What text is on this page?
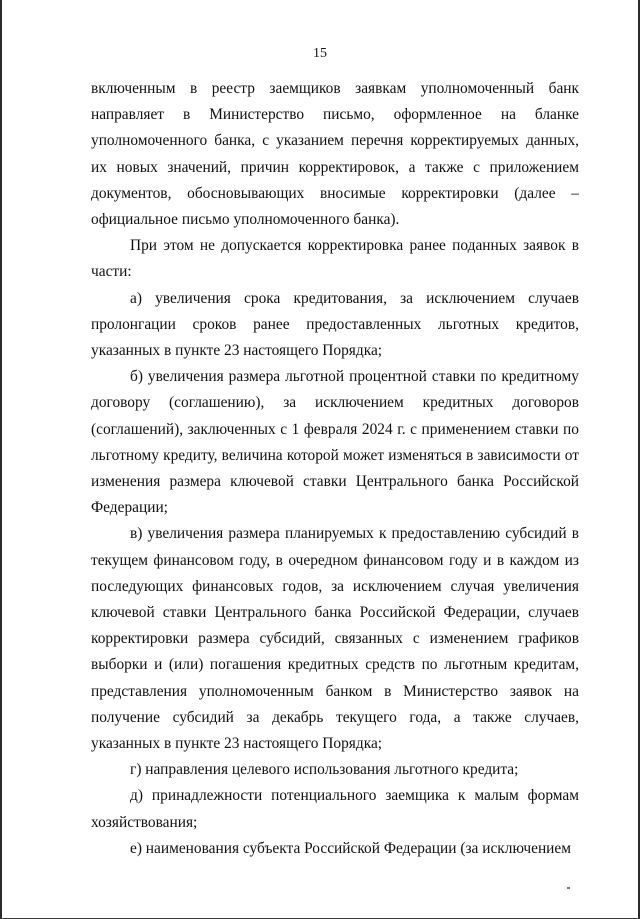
15

включенным в реестр заемщиков заявкам уполномоченный банк направляет в Министерство письмо, оформленное на бланке уполномоченного банка, с указанием перечня корректируемых данных, их новых значений, причин корректировок, а также с приложением документов, обосновывающих вносимые корректировки (далее – официальное письмо уполномоченного банка).

При этом не допускается корректировка ранее поданных заявок в части:

а) увеличения срока кредитования, за исключением случаев пролонгации сроков ранее предоставленных льготных кредитов, указанных в пункте 23 настоящего Порядка;

б) увеличения размера льготной процентной ставки по кредитному договору (соглашению), за исключением кредитных договоров (соглашений), заключенных с 1 февраля 2024 г. с применением ставки по льготному кредиту, величина которой может изменяться в зависимости от изменения размера ключевой ставки Центрального банка Российской Федерации;

в) увеличения размера планируемых к предоставлению субсидий в текущем финансовом году, в очередном финансовом году и в каждом из последующих финансовых годов, за исключением случая увеличения ключевой ставки Центрального банка Российской Федерации, случаев корректировки размера субсидий, связанных с изменением графиков выборки и (или) погашения кредитных средств по льготным кредитам, представления уполномоченным банком в Министерство заявок на получение субсидий за декабрь текущего года, а также случаев, указанных в пункте 23 настоящего Порядка;

г) направления целевого использования льготного кредита;

д) принадлежности потенциального заемщика к малым формам хозяйствования;

е) наименования субъекта Российской Федерации (за исключением
